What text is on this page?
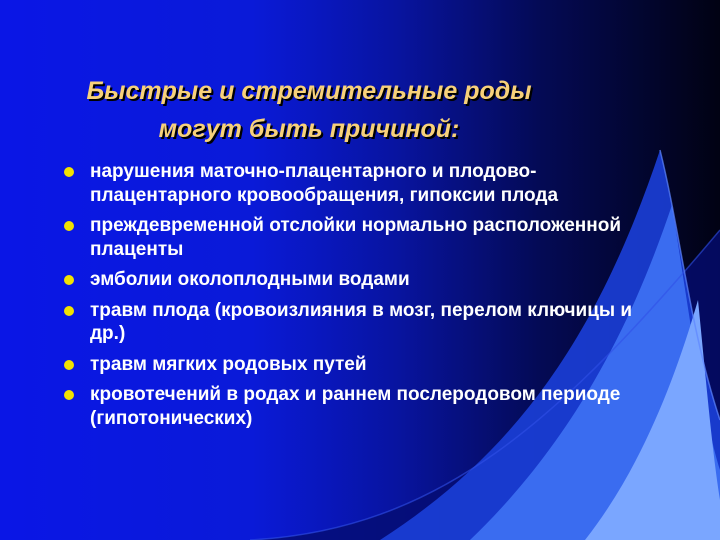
Быстрые и стремительные роды
могут быть причиной:
нарушения маточно-плацентарного и плодово-плацентарного кровообращения, гипоксии плода
преждевременной отслойки нормально расположенной плаценты
эмболии околоплодными водами
травм плода (кровоизлияния в мозг, перелом ключицы и др.)
травм мягких родовых путей
кровотечений в родах и раннем послеродовом периоде (гипотонических)
